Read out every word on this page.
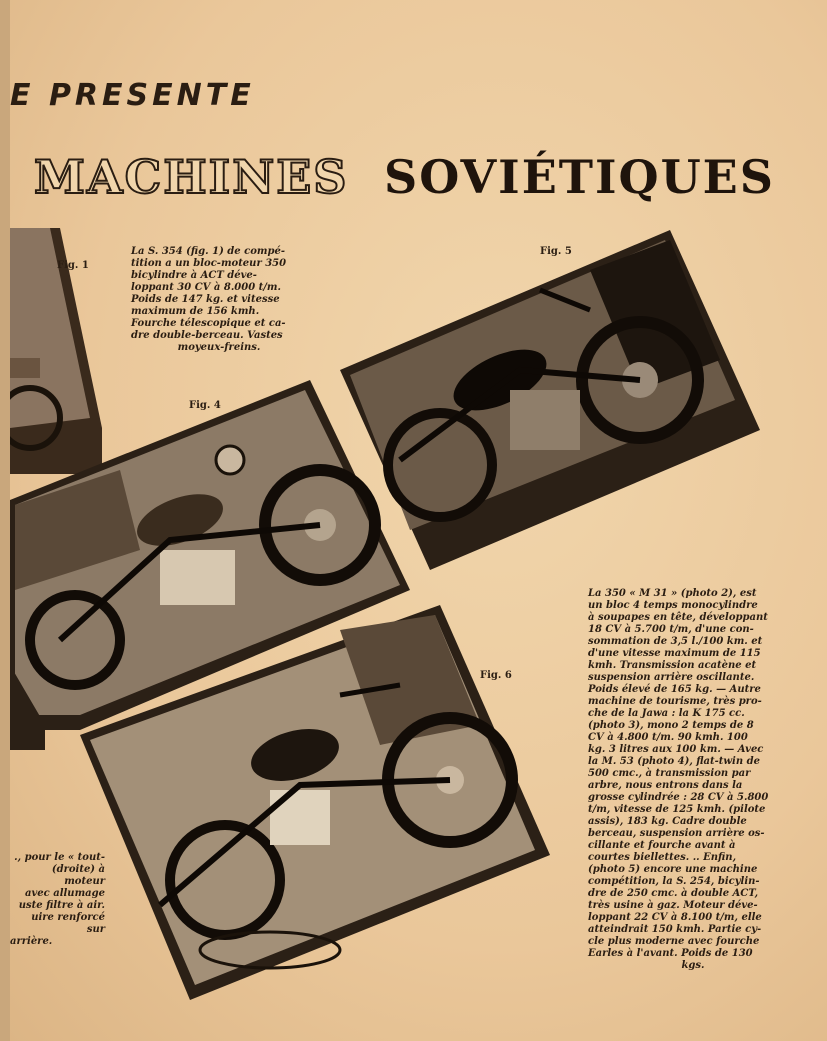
E PRESENTE
MACHINES SOVIÉTIQUES
Fig. 1
La S. 354 (fig. 1) de compé-
tition a un bloc-moteur 350
bicylindre à ACT déve-
loppant 30 CV à 8.000 t/m.
Poids de 147 kg. et vitesse
maximum de 156 kmh.
Fourche télescopique et ca-
dre double-berceau. Vastes
moyeux-freins.
Fig. 5
Fig. 4
Fig. 6
La 350 « M 31 » (photo 2), est
un bloc 4 temps monocylindre
à soupapes en tête, développant
18 CV à 5.700 t/m, d'une con-
sommation de 3,5 l./100 km. et
d'une vitesse maximum de 115
kmh. Transmission acatène et
suspension arrière oscillante.
Poids élevé de 165 kg. — Autre
machine de tourisme, très pro-
che de la Jawa : la K 175 cc.
(photo 3), mono 2 temps de 8
CV à 4.800 t/m. 90 kmh. 100
kg. 3 litres aux 100 km. — Avec
la M. 53 (photo 4), flat-twin de
500 cmc., à transmission par
arbre, nous entrons dans la
grosse cylindrée : 28 CV à 5.800
t/m, vitesse de 125 kmh. (pilote
assis), 183 kg. Cadre double
berceau, suspension arrière os-
cillante et fourche avant à
courtes biellettes. .. Enfin,
(photo 5) encore une machine
compétition, la S. 254, bicylin-
dre de 250 cmc. à double ACT,
très usine à gaz. Moteur déve-
loppant 22 CV à 8.100 t/m, elle
atteindrait 150 kmh. Partie cy-
cle plus moderne avec fourche
Earles à l'avant. Poids de 130
kgs.
., pour le « tout-
(droite) à moteur
avec allumage
uste filtre à air.
uire renforcé sur
arrière.
